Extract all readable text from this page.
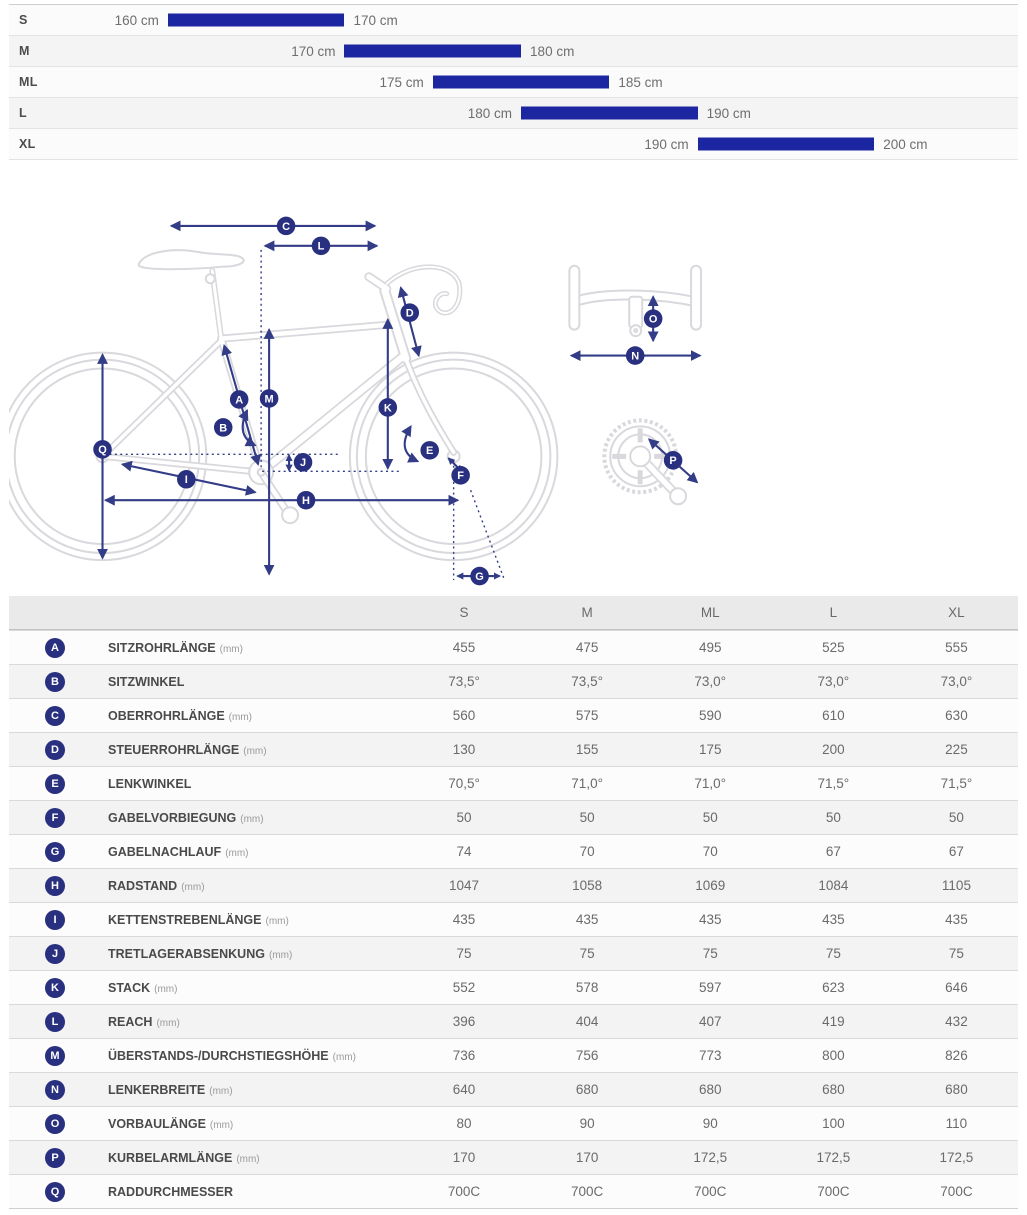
S	160 cm	170 cm
M	170 cm	180 cm
ML	175 cm	185 cm
L	180 cm	190 cm
XL	190 cm	200 cm
A
B
C
D
E
F
G
H
I
J
K
L
M
N
O
P
Q
S	M	ML	L	XL
A	SITZROHRLÄNGE (mm)	455	475	495	525	555
B	SITZWINKEL	73,5°	73,5°	73,0°	73,0°	73,0°
C	OBERROHRLÄNGE (mm)	560	575	590	610	630
D	STEUERROHRLÄNGE (mm)	130	155	175	200	225
E	LENKWINKEL	70,5°	71,0°	71,0°	71,5°	71,5°
F	GABELVORBIEGUNG (mm)	50	50	50	50	50
G	GABELNACHLAUF (mm)	74	70	70	67	67
H	RADSTAND (mm)	1047	1058	1069	1084	1105
I	KETTENSTREBENLÄNGE (mm)	435	435	435	435	435
J	TRETLAGERABSENKUNG (mm)	75	75	75	75	75
K	STACK (mm)	552	578	597	623	646
L	REACH (mm)	396	404	407	419	432
M	ÜBERSTANDS-/DURCHSTIEGSHÖHE (mm)	736	756	773	800	826
N	LENKERBREITE (mm)	640	680	680	680	680
O	VORBAULÄNGE (mm)	80	90	90	100	110
P	KURBELARMLÄNGE (mm)	170	170	172,5	172,5	172,5
Q	RADDURCHMESSER	700C	700C	700C	700C	700C
